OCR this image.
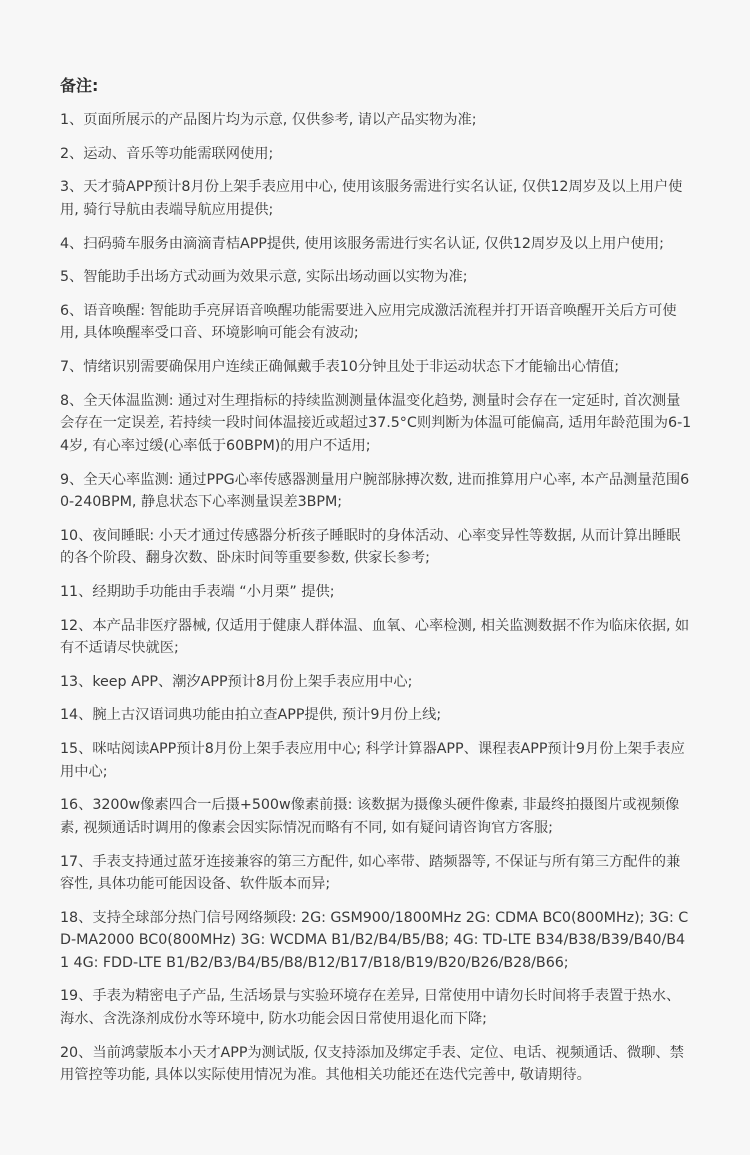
备注:
1、页面所展示的产品图片均为示意, 仅供参考, 请以产品实物为准;
2、运动、音乐等功能需联网使用;
3、天才骑APP预计8月份上架手表应用中心, 使用该服务需进行实名认证, 仅供12周岁及以上用户使用, 骑行导航由表端导航应用提供;
4、扫码骑车服务由滴滴青桔APP提供, 使用该服务需进行实名认证, 仅供12周岁及以上用户使用;
5、智能助手出场方式动画为效果示意, 实际出场动画以实物为准;
6、语音唤醒: 智能助手亮屏语音唤醒功能需要进入应用完成激活流程并打开语音唤醒开关后方可使用, 具体唤醒率受口音、环境影响可能会有波动;
7、情绪识别需要确保用户连续正确佩戴手表10分钟且处于非运动状态下才能输出心情值;
8、全天体温监测: 通过对生理指标的持续监测测量体温变化趋势, 测量时会存在一定延时, 首次测量会存在一定误差, 若持续一段时间体温接近或超过37.5°C则判断为体温可能偏高, 适用年龄范围为6-14岁, 有心率过缓(心率低于60BPM)的用户不适用;
9、全天心率监测: 通过PPG心率传感器测量用户腕部脉搏次数, 进而推算用户心率, 本产品测量范围60-240BPM, 静息状态下心率测量误差3BPM;
10、夜间睡眠: 小天才通过传感器分析孩子睡眠时的身体活动、心率变异性等数据, 从而计算出睡眠的各个阶段、翻身次数、卧床时间等重要参数, 供家长参考;
11、经期助手功能由手表端 “小月栗” 提供;
12、本产品非医疗器械, 仅适用于健康人群体温、血氧、心率检测, 相关监测数据不作为临床依据, 如有不适请尽快就医;
13、keep APP、潮汐APP预计8月份上架手表应用中心;
14、腕上古汉语词典功能由拍立查APP提供, 预计9月份上线;
15、咪咕阅读APP预计8月份上架手表应用中心; 科学计算器APP、课程表APP预计9月份上架手表应用中心;
16、3200w像素四合一后摄+500w像素前摄: 该数据为摄像头硬件像素, 非最终拍摄图片或视频像素, 视频通话时调用的像素会因实际情况而略有不同, 如有疑问请咨询官方客服;
17、手表支持通过蓝牙连接兼容的第三方配件, 如心率带、踏频器等, 不保证与所有第三方配件的兼容性, 具体功能可能因设备、软件版本而异;
18、支持全球部分热门信号网络频段: 2G: GSM900/1800MHz 2G: CDMA BC0(800MHz); 3G: CD-MA2000 BC0(800MHz) 3G: WCDMA B1/B2/B4/B5/B8; 4G: TD-LTE B34/B38/B39/B40/B41 4G: FDD-LTE B1/B2/B3/B4/B5/B8/B12/B17/B18/B19/B20/B26/B28/B66;
19、手表为精密电子产品, 生活场景与实验环境存在差异, 日常使用中请勿长时间将手表置于热水、海水、含洗涤剂成份水等环境中, 防水功能会因日常使用退化而下降;
20、当前鸿蒙版本小天才APP为测试版, 仅支持添加及绑定手表、定位、电话、视频通话、微聊、禁用管控等功能, 具体以实际使用情况为准。其他相关功能还在迭代完善中, 敬请期待。
